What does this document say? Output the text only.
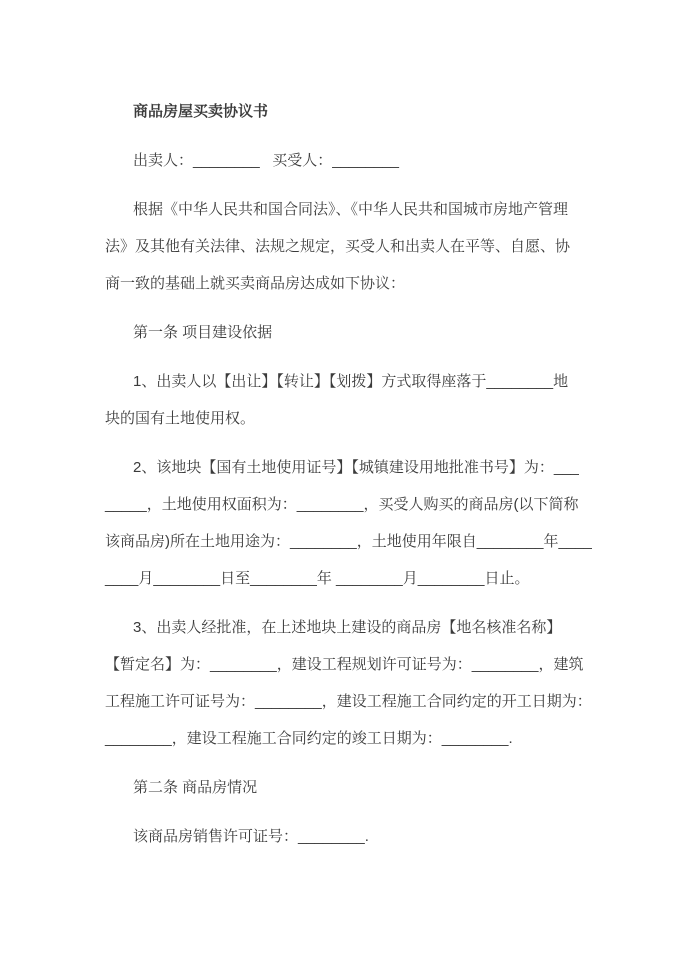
商品房屋买卖协议书
出卖人：________   买受人：________
根据《中华人民共和国合同法》、《中华人民共和国城市房地产管理
法》及其他有关法律、法规之规定，买受人和出卖人在平等、自愿、协
商一致的基础上就买卖商品房达成如下协议：
第一条 项目建设依据
1、出卖人以【出让】【转让】【划拨】方式取得座落于________地
块的国有土地使用权。
2、该地块【国有土地使用证号】【城镇建设用地批准书号】为：___
_____，土地使用权面积为：________，买受人购买的商品房(以下简称
该商品房)所在土地用途为：________，土地使用年限自________年____
____月________日至________年 ________月________日止。
3、出卖人经批准，在上述地块上建设的商品房【地名核准名称】
【暂定名】为：________，建设工程规划许可证号为：________，建筑
工程施工许可证号为：________，建设工程施工合同约定的开工日期为：
________，建设工程施工合同约定的竣工日期为：________.
第二条 商品房情况
该商品房销售许可证号：________.
